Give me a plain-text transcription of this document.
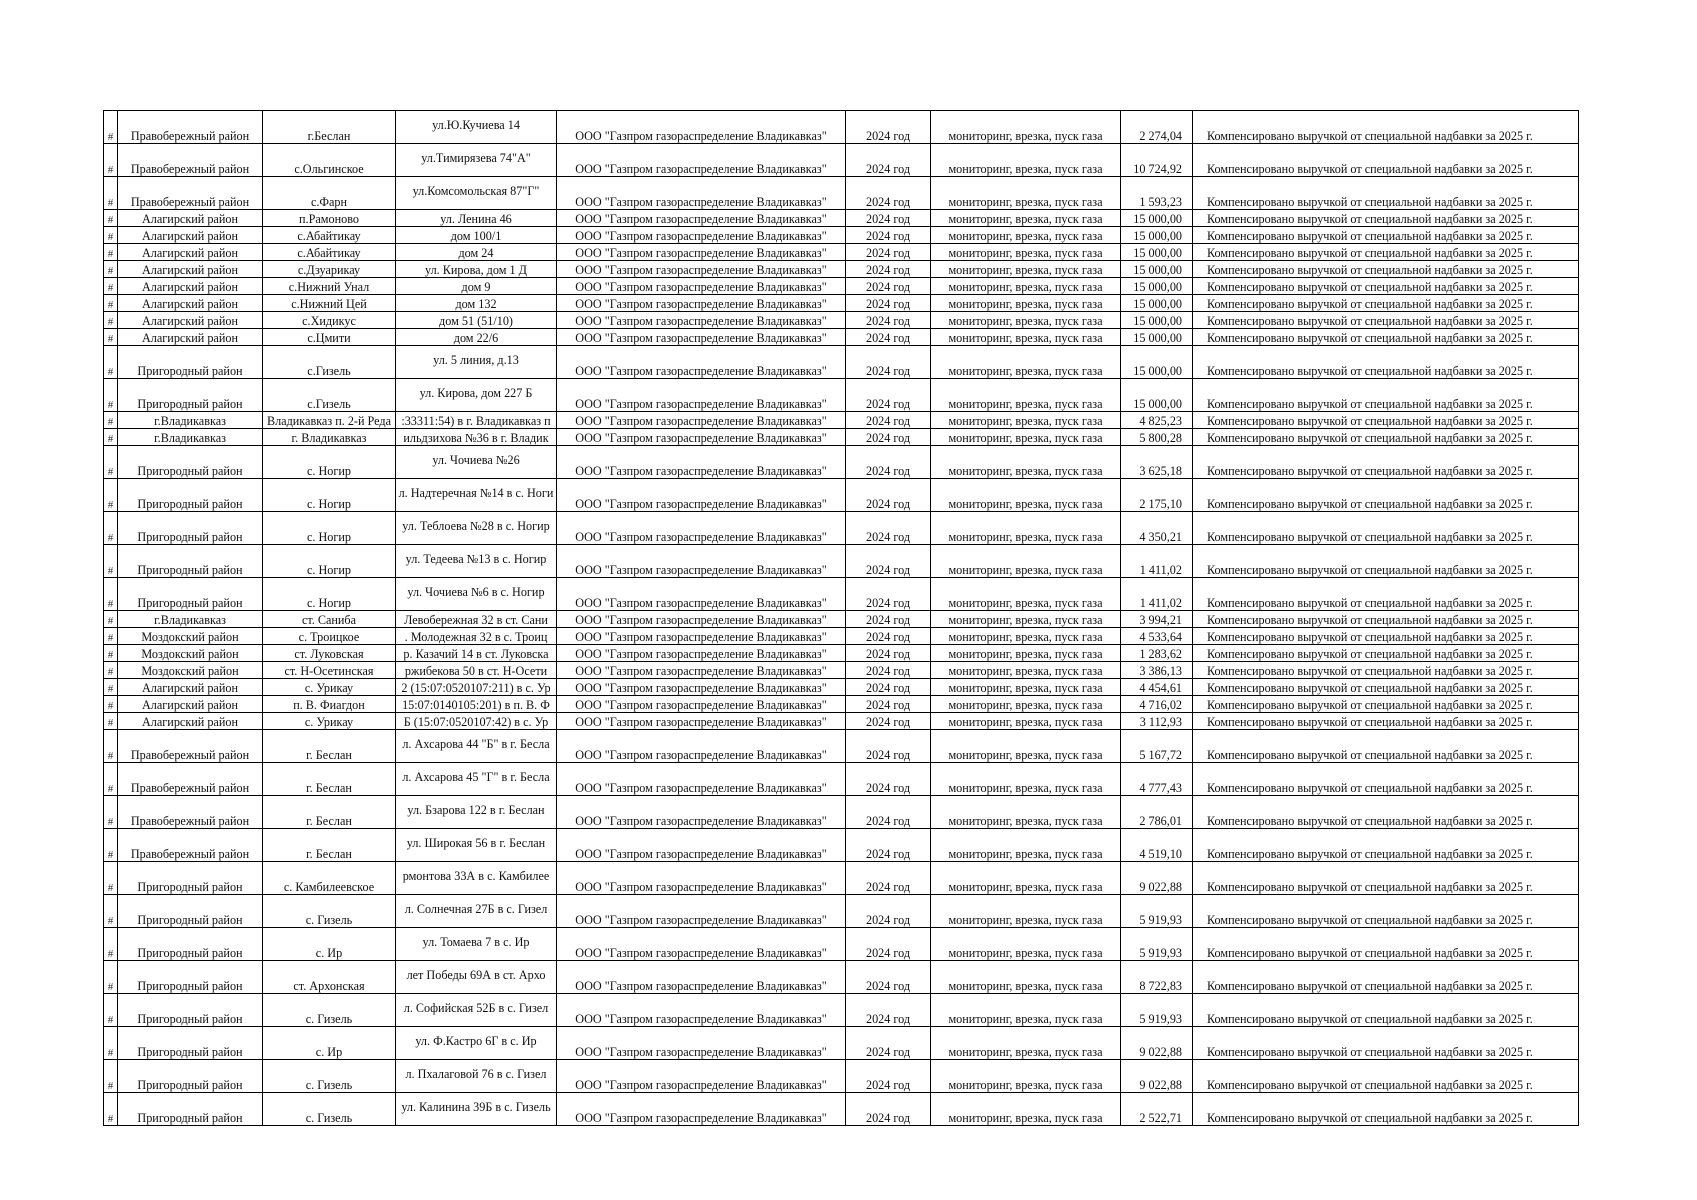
#	Правобережный район	г.Беслан	ул.Ю.Кучиева 14	ООО "Газпром газораспределение Владикавказ"	2024 год	мониторинг, врезка, пуск газа	2 274,04	Компенсировано выручкой от специальной надбавки за 2025 г.
#	Правобережный район	с.Ольгинское	ул.Тимирязева 74"А"	ООО "Газпром газораспределение Владикавказ"	2024 год	мониторинг, врезка, пуск газа	10 724,92	Компенсировано выручкой от специальной надбавки за 2025 г.
#	Правобережный район	с.Фарн	ул.Комсомольская 87"Г"	ООО "Газпром газораспределение Владикавказ"	2024 год	мониторинг, врезка, пуск газа	1 593,23	Компенсировано выручкой от специальной надбавки за 2025 г.
#	Алагирский район	п.Рамоново	ул. Ленина 46	ООО "Газпром газораспределение Владикавказ"	2024 год	мониторинг, врезка, пуск газа	15 000,00	Компенсировано выручкой от специальной надбавки за 2025 г.
#	Алагирский район	с.Абайтикау	дом 100/1	ООО "Газпром газораспределение Владикавказ"	2024 год	мониторинг, врезка, пуск газа	15 000,00	Компенсировано выручкой от специальной надбавки за 2025 г.
#	Алагирский район	с.Абайтикау	дом 24	ООО "Газпром газораспределение Владикавказ"	2024 год	мониторинг, врезка, пуск газа	15 000,00	Компенсировано выручкой от специальной надбавки за 2025 г.
#	Алагирский район	с.Дзуарикау	ул. Кирова, дом 1 Д	ООО "Газпром газораспределение Владикавказ"	2024 год	мониторинг, врезка, пуск газа	15 000,00	Компенсировано выручкой от специальной надбавки за 2025 г.
#	Алагирский район	с.Нижний Унал	дом 9	ООО "Газпром газораспределение Владикавказ"	2024 год	мониторинг, врезка, пуск газа	15 000,00	Компенсировано выручкой от специальной надбавки за 2025 г.
#	Алагирский район	с.Нижний Цей	дом 132	ООО "Газпром газораспределение Владикавказ"	2024 год	мониторинг, врезка, пуск газа	15 000,00	Компенсировано выручкой от специальной надбавки за 2025 г.
#	Алагирский район	с.Хидикус	дом 51 (51/10)	ООО "Газпром газораспределение Владикавказ"	2024 год	мониторинг, врезка, пуск газа	15 000,00	Компенсировано выручкой от специальной надбавки за 2025 г.
#	Алагирский район	с.Цмити	дом 22/6	ООО "Газпром газораспределение Владикавказ"	2024 год	мониторинг, врезка, пуск газа	15 000,00	Компенсировано выручкой от специальной надбавки за 2025 г.
#	Пригородный район	с.Гизель	ул. 5 линия, д.13	ООО "Газпром газораспределение Владикавказ"	2024 год	мониторинг, врезка, пуск газа	15 000,00	Компенсировано выручкой от специальной надбавки за 2025 г.
#	Пригородный район	с.Гизель	ул. Кирова, дом 227 Б	ООО "Газпром газораспределение Владикавказ"	2024 год	мониторинг, врезка, пуск газа	15 000,00	Компенсировано выручкой от специальной надбавки за 2025 г.
#	г.Владикавказ	Владикавказ п. 2-й Реда	:33311:54) в г. Владикавказ п	ООО "Газпром газораспределение Владикавказ"	2024 год	мониторинг, врезка, пуск газа	4 825,23	Компенсировано выручкой от специальной надбавки за 2025 г.
#	г.Владикавказ	г. Владикавказ	ильдзихова №36 в г. Владик	ООО "Газпром газораспределение Владикавказ"	2024 год	мониторинг, врезка, пуск газа	5 800,28	Компенсировано выручкой от специальной надбавки за 2025 г.
#	Пригородный район	с. Ногир	ул. Чочиева №26	ООО "Газпром газораспределение Владикавказ"	2024 год	мониторинг, врезка, пуск газа	3 625,18	Компенсировано выручкой от специальной надбавки за 2025 г.
#	Пригородный район	с. Ногир	л. Надтеречная №14 в с. Ноги	ООО "Газпром газораспределение Владикавказ"	2024 год	мониторинг, врезка, пуск газа	2 175,10	Компенсировано выручкой от специальной надбавки за 2025 г.
#	Пригородный район	с. Ногир	ул. Теблоева №28 в с. Ногир	ООО "Газпром газораспределение Владикавказ"	2024 год	мониторинг, врезка, пуск газа	4 350,21	Компенсировано выручкой от специальной надбавки за 2025 г.
#	Пригородный район	с. Ногир	ул. Тедеева №13 в с. Ногир	ООО "Газпром газораспределение Владикавказ"	2024 год	мониторинг, врезка, пуск газа	1 411,02	Компенсировано выручкой от специальной надбавки за 2025 г.
#	Пригородный район	с. Ногир	ул. Чочиева №6 в с. Ногир	ООО "Газпром газораспределение Владикавказ"	2024 год	мониторинг, врезка, пуск газа	1 411,02	Компенсировано выручкой от специальной надбавки за 2025 г.
#	г.Владикавказ	ст. Саниба	Левобережная 32 в ст. Сани	ООО "Газпром газораспределение Владикавказ"	2024 год	мониторинг, врезка, пуск газа	3 994,21	Компенсировано выручкой от специальной надбавки за 2025 г.
#	Моздокский район	с. Троицкое	. Молодежная 32 в с. Троиц	ООО "Газпром газораспределение Владикавказ"	2024 год	мониторинг, врезка, пуск газа	4 533,64	Компенсировано выручкой от специальной надбавки за 2025 г.
#	Моздокский район	ст. Луковская	р. Казачий 14 в ст. Луковска	ООО "Газпром газораспределение Владикавказ"	2024 год	мониторинг, врезка, пуск газа	1 283,62	Компенсировано выручкой от специальной надбавки за 2025 г.
#	Моздокский район	ст. Н-Осетинская	ржибекова 50 в ст. Н-Осети	ООО "Газпром газораспределение Владикавказ"	2024 год	мониторинг, врезка, пуск газа	3 386,13	Компенсировано выручкой от специальной надбавки за 2025 г.
#	Алагирский район	с. Урикау	2 (15:07:0520107:211) в с. Ур	ООО "Газпром газораспределение Владикавказ"	2024 год	мониторинг, врезка, пуск газа	4 454,61	Компенсировано выручкой от специальной надбавки за 2025 г.
#	Алагирский район	п. В. Фиагдон	15:07:0140105:201) в п. В. Ф	ООО "Газпром газораспределение Владикавказ"	2024 год	мониторинг, врезка, пуск газа	4 716,02	Компенсировано выручкой от специальной надбавки за 2025 г.
#	Алагирский район	с. Урикау	Б (15:07:0520107:42) в с. Ур	ООО "Газпром газораспределение Владикавказ"	2024 год	мониторинг, врезка, пуск газа	3 112,93	Компенсировано выручкой от специальной надбавки за 2025 г.
#	Правобережный район	г. Беслан	л. Ахсарова 44 "Б" в г. Бесла	ООО "Газпром газораспределение Владикавказ"	2024 год	мониторинг, врезка, пуск газа	5 167,72	Компенсировано выручкой от специальной надбавки за 2025 г.
#	Правобережный район	г. Беслан	л. Ахсарова 45 "Г" в г. Бесла	ООО "Газпром газораспределение Владикавказ"	2024 год	мониторинг, врезка, пуск газа	4 777,43	Компенсировано выручкой от специальной надбавки за 2025 г.
#	Правобережный район	г. Беслан	ул. Бзарова 122 в г. Беслан	ООО "Газпром газораспределение Владикавказ"	2024 год	мониторинг, врезка, пуск газа	2 786,01	Компенсировано выручкой от специальной надбавки за 2025 г.
#	Правобережный район	г. Беслан	ул. Широкая 56 в г. Беслан	ООО "Газпром газораспределение Владикавказ"	2024 год	мониторинг, врезка, пуск газа	4 519,10	Компенсировано выручкой от специальной надбавки за 2025 г.
#	Пригородный район	с. Камбилеевское	рмонтова 33А в с. Камбилее	ООО "Газпром газораспределение Владикавказ"	2024 год	мониторинг, врезка, пуск газа	9 022,88	Компенсировано выручкой от специальной надбавки за 2025 г.
#	Пригородный район	с. Гизель	л. Солнечная 27Б в с. Гизел	ООО "Газпром газораспределение Владикавказ"	2024 год	мониторинг, врезка, пуск газа	5 919,93	Компенсировано выручкой от специальной надбавки за 2025 г.
#	Пригородный район	с. Ир	ул. Томаева 7 в с. Ир	ООО "Газпром газораспределение Владикавказ"	2024 год	мониторинг, врезка, пуск газа	5 919,93	Компенсировано выручкой от специальной надбавки за 2025 г.
#	Пригородный район	ст. Архонская	лет Победы 69А в ст. Архо	ООО "Газпром газораспределение Владикавказ"	2024 год	мониторинг, врезка, пуск газа	8 722,83	Компенсировано выручкой от специальной надбавки за 2025 г.
#	Пригородный район	с. Гизель	л. Софийская 52Б в с. Гизел	ООО "Газпром газораспределение Владикавказ"	2024 год	мониторинг, врезка, пуск газа	5 919,93	Компенсировано выручкой от специальной надбавки за 2025 г.
#	Пригородный район	с. Ир	ул. Ф.Кастро 6Г в с. Ир	ООО "Газпром газораспределение Владикавказ"	2024 год	мониторинг, врезка, пуск газа	9 022,88	Компенсировано выручкой от специальной надбавки за 2025 г.
#	Пригородный район	с. Гизель	л. Пхалаговой 76 в с. Гизел	ООО "Газпром газораспределение Владикавказ"	2024 год	мониторинг, врезка, пуск газа	9 022,88	Компенсировано выручкой от специальной надбавки за 2025 г.
#	Пригородный район	с. Гизель	ул. Калинина 39Б в с. Гизель	ООО "Газпром газораспределение Владикавказ"	2024 год	мониторинг, врезка, пуск газа	2 522,71	Компенсировано выручкой от специальной надбавки за 2025 г.
